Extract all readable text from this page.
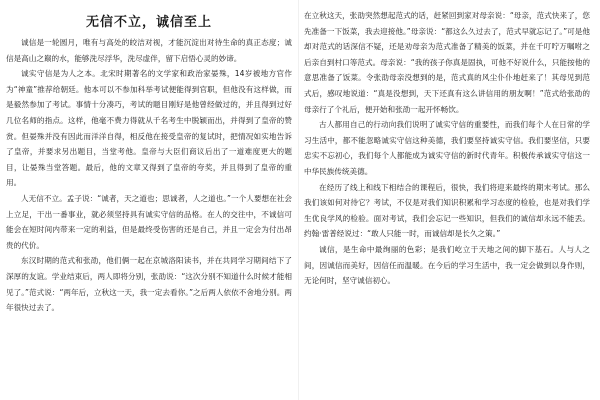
无信不立，诚信至上

诚信是一轮圆月，唯有与高处的皎洁对视，才能沉淀出对待生命的真正态度；诚信是高山之巅的水，能够洗尽浮华，洗尽虚伴，留下启悟心灵的妙谛。

诚实守信是为人之本。北宋时期著名的文学家和政治家晏殊，14岁被地方官作为“神童”推荐给朝廷。他本可以不参加科举考试便能得到官职，但他没有这样做，而是毅然参加了考试。事情十分凑巧，考试的题目刚好是他曾经做过的，并且得到过好几位名师的指点。这样，他毫不费力得就从千名考生中脱颖而出，并得到了皇帝的赞赏。但晏殊并没有因此而洋洋自得，相反他在接受皇帝的复试时，把情况如实地告诉了皇帝，并要求另出题目，当堂考他。皇帝与大臣们商议后出了一道难度更大的题目，让晏殊当堂答题。最后，他的文章又得到了皇帝的夸奖，并且得到了皇帝的重用。

人无信不立。孟子说：“诚者，天之道也；思诚者，人之道也。”一个人要想在社会上立足，干出一番事业，就必须坚持具有诚实守信的品格。在人的交往中，不诚信可能会在短时间内带来一定的利益，但是最终受伤害的还是自己，并且一定会为付出昂贵的代价。

东汉时期的范式和张劭，他们俩一起在京城洛阳读书，并在共同学习期间结下了深厚的友谊。学业结束后，两人即将分别，张劭说：“这次分别不知道什么时候才能相见了。”范式说：“两年后，立秋这一天，我一定去看你。”之后两人依依不舍地分别。两年很快过去了。

在立秋这天，张劭突然想起范式的话，赶紧回到家对母亲说：“母亲，范式快来了，您先准备一下饭菜，我去迎接他。”母亲说：“都这么久过去了，范式早就忘记了。”可是他却对范式的话深信不疑，还是劝母亲为范式准备了精美的饭菜，并在千叮咛万嘱咐之后亲自到村口等范式。母亲说：“我的孩子你真是固执，可他不好说什么，只能按他的意思准备了饭菜。令张劭母亲没想到的是，范式真的风尘仆仆地赶来了！其母见到范式后，感叹地说道：“真是没想到，天下还真有这么讲信用的朋友啊！”范式给张劭的母亲行了个礼后，便开始和张劭一起开怀畅饮。

古人都用自己的行动向我们说明了诚实守信的重要性，而我们每个人在日常的学习生活中，都不能忽略诚实守信这种美德，我们要坚持诚实守信。我们要坚信，只要忠实不忘初心，我们每个人都能成为诚实守信的新时代青年。积极传承诚实守信这一中华民族传统美德。

在经历了线上和线下相结合的课程后，很快，我们将迎来最终的期末考试。那么我们该如何对待它？考试，不仅是对我们知识积累和学习态度的检验，也是对我们学生优良学风的检验。面对考试，我们会忘记一些知识，但我们的诚信却永远不能丢。约翰·雷普经说过：“敢人只能一时，而诚信却是长久之策。”

诚信，是生命中最绚丽的色彩；是我们屹立于天地之间的脚下基石。人与人之间，因诚信而美好，因信任而温暖。在今后的学习生活中，我一定会做到以身作则，无论何时，坚守诚信初心。
